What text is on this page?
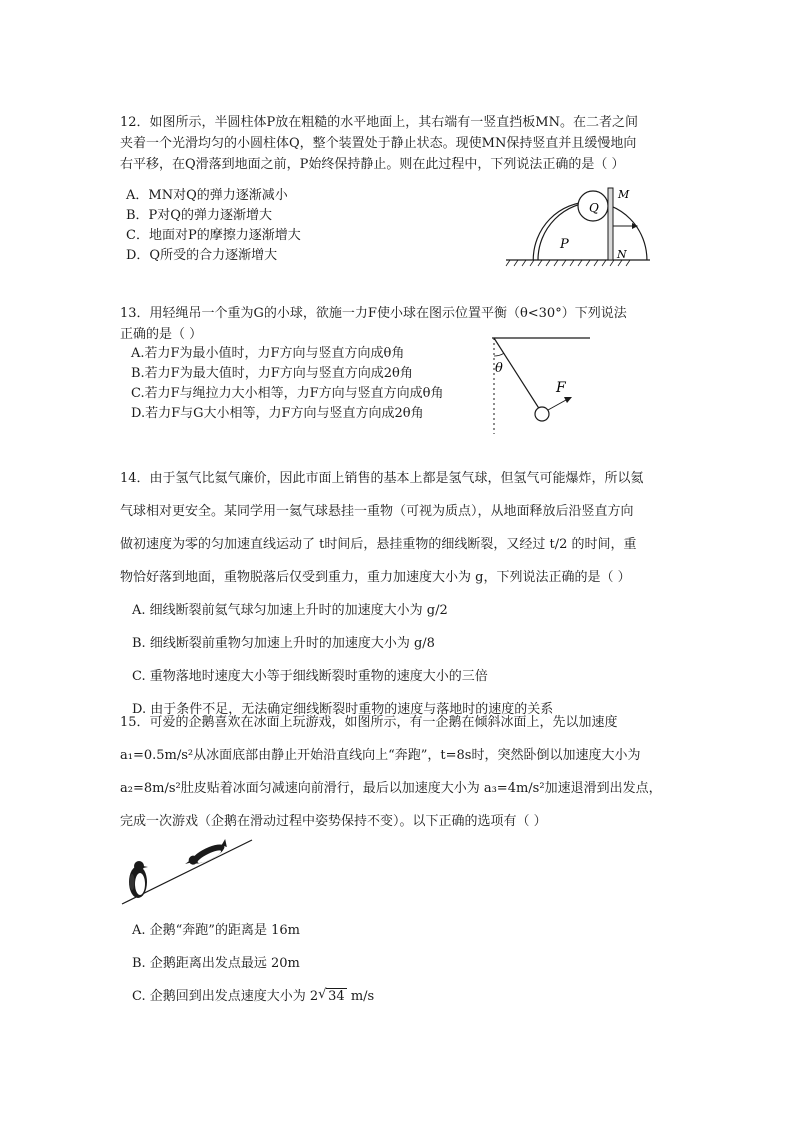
12．如图所示，半圆柱体P放在粗糙的水平地面上，其右端有一竖直挡板MN。在二者之间
夹着一个光滑均匀的小圆柱体Q，整个装置处于静止状态。现使MN保持竖直并且缓慢地向
右平移，在Q滑落到地面之前，P始终保持静止。则在此过程中，下列说法正确的是（ ）
A．MN对Q的弹力逐渐减小
B．P对Q的弹力逐渐增大
C．地面对P的摩擦力逐渐增大
D．Q所受的合力逐渐增大
Q
P
M
N
13．用轻绳吊一个重为G的小球，欲施一力F使小球在图示位置平衡（θ<30°）下列说法
正确的是（ ）
A.若力F为最小值时，力F方向与竖直方向成θ角
B.若力F为最大值时，力F方向与竖直方向成2θ角
C.若力F与绳拉力大小相等，力F方向与竖直方向成θ角
D.若力F与G大小相等，力F方向与竖直方向成2θ角
θ
F
14．由于氢气比氦气廉价，因此市面上销售的基本上都是氢气球，但氢气可能爆炸，所以氦
气球相对更安全。某同学用一氦气球悬挂一重物（可视为质点），从地面释放后沿竖直方向
做初速度为零的匀加速直线运动了 t时间后，悬挂重物的细线断裂，又经过 t/2 的时间，重
物恰好落到地面，重物脱落后仅受到重力，重力加速度大小为 g，下列说法正确的是（ ）
A. 细线断裂前氦气球匀加速上升时的加速度大小为 g/2
B. 细线断裂前重物匀加速上升时的加速度大小为 g/8
C. 重物落地时速度大小等于细线断裂时重物的速度大小的三倍
D. 由于条件不足，无法确定细线断裂时重物的速度与落地时的速度的关系
15．可爱的企鹅喜欢在冰面上玩游戏，如图所示，有一企鹅在倾斜冰面上，先以加速度
a₁=0.5m/s²从冰面底部由静止开始沿直线向上“奔跑”，t=8s时，突然卧倒以加速度大小为
a₂=8m/s²肚皮贴着冰面匀减速向前滑行，最后以加速度大小为 a₃=4m/s²加速退滑到出发点，
完成一次游戏（企鹅在滑动过程中姿势保持不变）。以下正确的选项有（ ）
A. 企鹅“奔跑”的距离是 16m
B. 企鹅距离出发点最远 20m
C. 企鹅回到出发点速度大小为 2 √ 34 m/s
